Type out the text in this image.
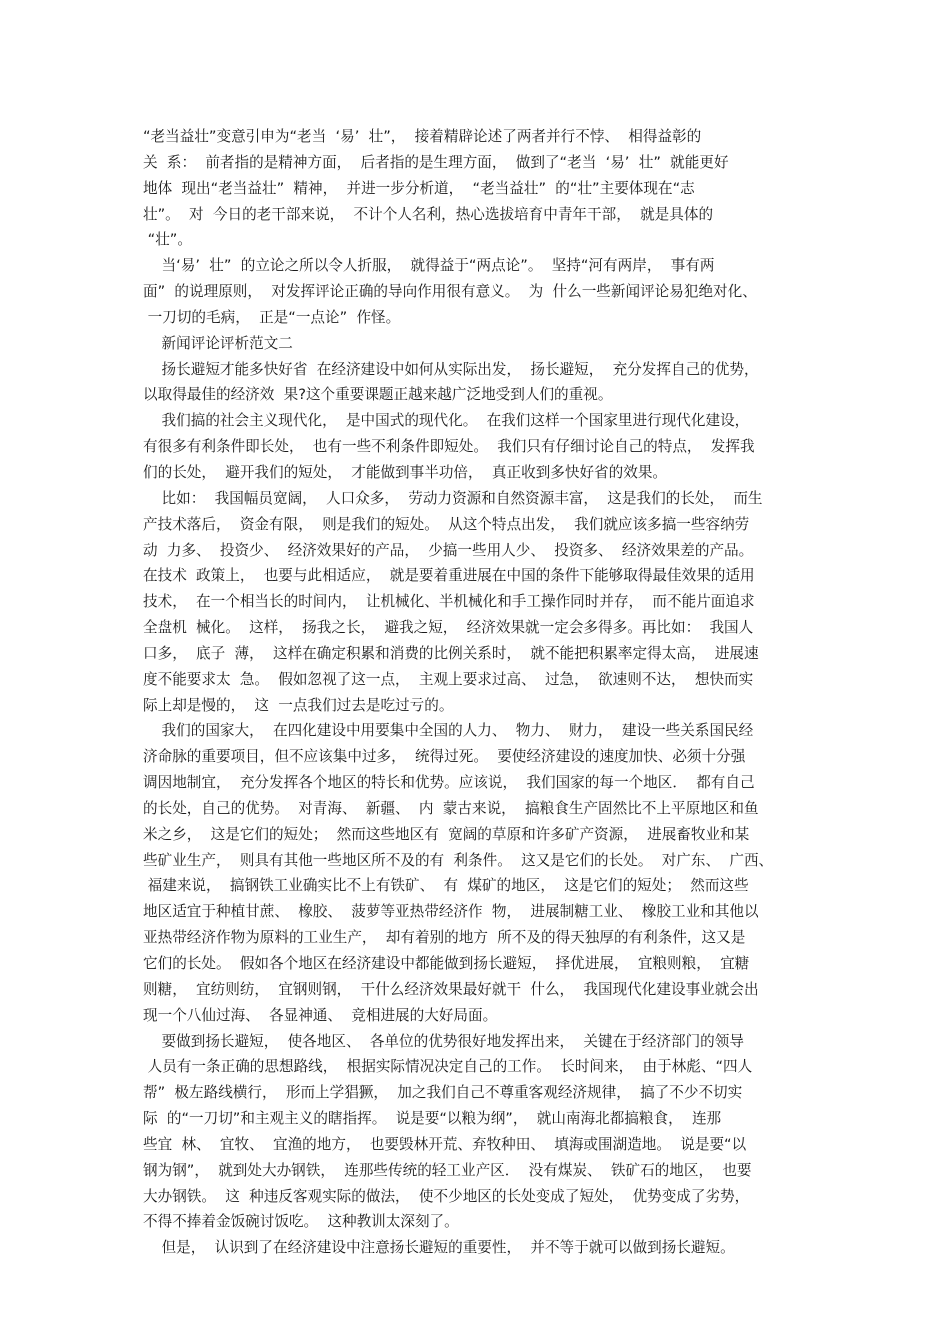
“老当益壮”变意引申为“老当  ‘易’  壮”，  接着精辟论述了两者并行不悖、  相得益彰的
关  系：  前者指的是精神方面，  后者指的是生理方面，  做到了“老当  ‘易’  壮”  就能更好
地体  现出“老当益壮”  精神，  并进一步分析道，  “老当益壮”  的“壮”主要体现在“志
壮”。  对  今日的老干部来说，  不计个人名利，热心选拔培育中青年干部，  就是具体的
“壮”。
当‘易’  壮”  的立论之所以令人折服，  就得益于“两点论”。  坚持“河有两岸，  事有两
面”  的说理原则，  对发挥评论正确的导向作用很有意义。  为  什么一些新闻评论易犯绝对化、
一刀切的毛病，  正是“一点论”  作怪。
新闻评论评析范文二
扬长避短才能多快好省  在经济建设中如何从实际出发，  扬长避短，  充分发挥自己的优势，
以取得最佳的经济效  果?这个重要课题正越来越广泛地受到人们的重视。
我们搞的社会主义现代化，  是中国式的现代化。  在我们这样一个国家里进行现代化建设，
有很多有利条件即长处，  也有一些不利条件即短处。  我们只有仔细讨论自己的特点，  发挥我
们的长处，  避开我们的短处，  才能做到事半功倍，  真正收到多快好省的效果。
比如：  我国幅员宽阔，  人口众多，  劳动力资源和自然资源丰富，  这是我们的长处，  而生
产技术落后，  资金有限，  则是我们的短处。  从这个特点出发，  我们就应该多搞一些容纳劳
动  力多、  投资少、  经济效果好的产品，  少搞一些用人少、  投资多、  经济效果差的产品。
在技术  政策上，  也要与此相适应，  就是要着重进展在中国的条件下能够取得最佳效果的适用
技术，  在一个相当长的时间内，  让机械化、半机械化和手工操作同时并存，  而不能片面追求
全盘机  械化。  这样，  扬我之长，  避我之短，  经济效果就一定会多得多。再比如：  我国人
口多，  底子  薄，  这样在确定积累和消费的比例关系时，  就不能把积累率定得太高，  进展速
度不能要求太  急。  假如忽视了这一点，  主观上要求过高、  过急，  欲速则不达，  想快而实
际上却是慢的，  这  一点我们过去是吃过亏的。
我们的国家大，  在四化建设中用要集中全国的人力、  物力、  财力，  建设一些关系国民经
济命脉的重要项目，但不应该集中过多，  统得过死。  要使经济建设的速度加快、必须十分强
调因地制宜，  充分发挥各个地区的特长和优势。应该说，  我们国家的每一个地区．  都有自己
的长处，自己的优势。  对青海、  新疆、  内  蒙古来说，  搞粮食生产固然比不上平原地区和鱼
米之乡，  这是它们的短处；  然而这些地区有  宽阔的草原和许多矿产资源，  进展畜牧业和某
些矿业生产，  则具有其他一些地区所不及的有  利条件。  这又是它们的长处。  对广东、  广西、
福建来说，  搞钢铁工业确实比不上有铁矿、  有  煤矿的地区，  这是它们的短处；  然而这些
地区适宜于种植甘蔗、  橡胶、  菠萝等亚热带经济作  物，  进展制糖工业、  橡胶工业和其他以
亚热带经济作物为原料的工业生产，  却有着别的地方  所不及的得天独厚的有利条件，这又是
它们的长处。  假如各个地区在经济建设中都能做到扬长避短，  择优进展，  宜粮则粮，  宜糖
则糖，  宜纺则纺，  宜钢则钢，  干什么经济效果最好就干  什么，  我国现代化建设事业就会出
现一个八仙过海、  各显神通、  竞相进展的大好局面。
要做到扬长避短，  使各地区、  各单位的优势很好地发挥出来，  关键在于经济部门的领导
人员有一条正确的思想路线，  根据实际情况决定自己的工作。  长时间来，  由于林彪、“四人
帮”  极左路线横行，  形而上学猖獗，  加之我们自己不尊重客观经济规律，  搞了不少不切实
际  的“一刀切”和主观主义的瞎指挥。  说是要“以粮为纲”，  就山南海北都搞粮食，  连那
些宜  林、  宜牧、  宜渔的地方，  也要毁林开荒、弃牧种田、  填海或围湖造地。  说是要“以
钢为钢”，  就到处大办钢铁，  连那些传统的轻工业产区．  没有煤炭、  铁矿石的地区，  也要
大办钢铁。  这  种违反客观实际的做法，  使不少地区的长处变成了短处，  优势变成了劣势，
不得不捧着金饭碗讨饭吃。  这种教训太深刻了。
但是，  认识到了在经济建设中注意扬长避短的重要性，  并不等于就可以做到扬长避短。
